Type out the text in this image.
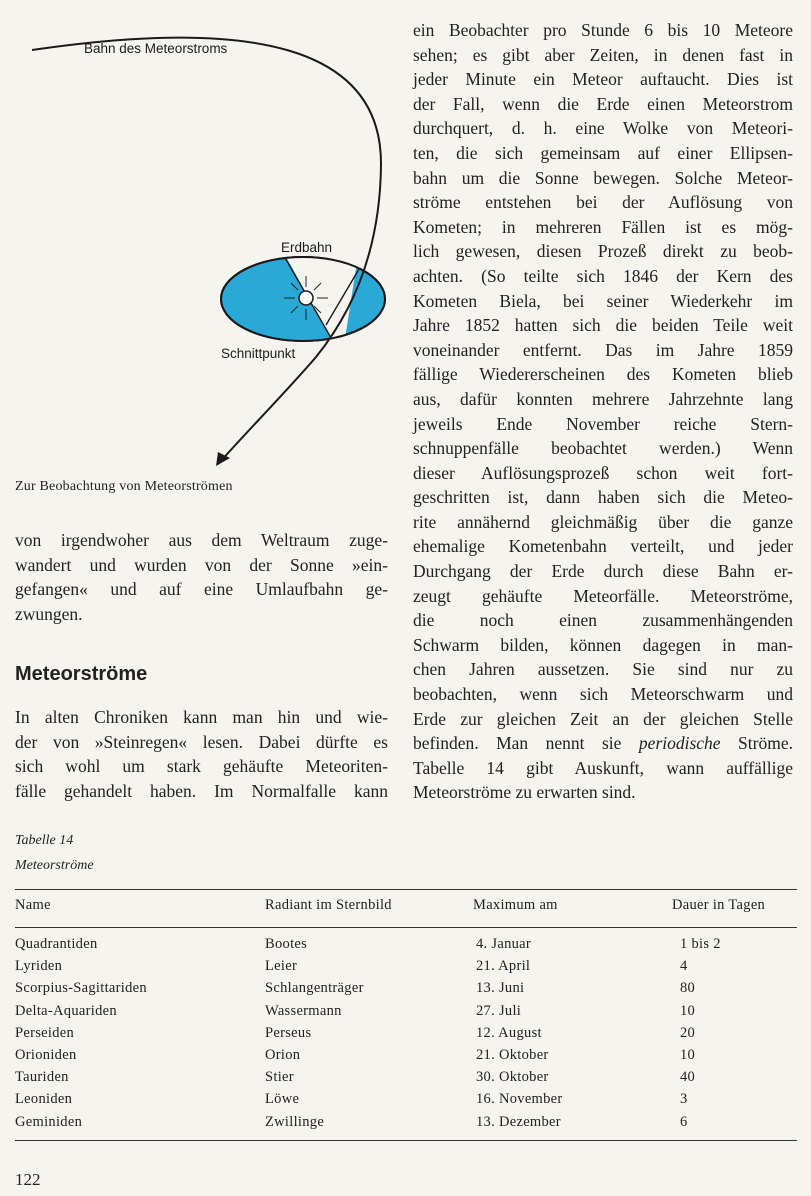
Bahn des Meteorstroms
Erdbahn
Schnittpunkt
Zur Beobachtung von Meteorströmen
von irgendwoher aus dem Weltraum zuge-
wandert und wurden von der Sonne »ein-
gefangen« und auf eine Umlaufbahn ge-
zwungen.
Meteorströme
In alten Chroniken kann man hin und wie-
der von »Steinregen« lesen. Dabei dürfte es
sich wohl um stark gehäufte Meteoriten-
fälle gehandelt haben. Im Normalfalle kann
ein Beobachter pro Stunde 6 bis 10 Meteore
sehen; es gibt aber Zeiten, in denen fast in
jeder Minute ein Meteor auftaucht. Dies ist
der Fall, wenn die Erde einen Meteorstrom
durchquert, d. h. eine Wolke von Meteori-
ten, die sich gemeinsam auf einer Ellipsen-
bahn um die Sonne bewegen. Solche Meteor-
ströme entstehen bei der Auflösung von
Kometen; in mehreren Fällen ist es mög-
lich gewesen, diesen Prozeß direkt zu beob-
achten. (So teilte sich 1846 der Kern des
Kometen Biela, bei seiner Wiederkehr im
Jahre 1852 hatten sich die beiden Teile weit
voneinander entfernt. Das im Jahre 1859
fällige Wiedererscheinen des Kometen blieb
aus, dafür konnten mehrere Jahrzehnte lang
jeweils Ende November reiche Stern-
schnuppenfälle beobachtet werden.) Wenn
dieser Auflösungsprozeß schon weit fort-
geschritten ist, dann haben sich die Meteo-
rite annähernd gleichmäßig über die ganze
ehemalige Kometenbahn verteilt, und jeder
Durchgang der Erde durch diese Bahn er-
zeugt gehäufte Meteorfälle. Meteorströme,
die noch einen zusammenhängenden
Schwarm bilden, können dagegen in man-
chen Jahren aussetzen. Sie sind nur zu
beobachten, wenn sich Meteorschwarm und
Erde zur gleichen Zeit an der gleichen Stelle
befinden. Man nennt sie periodische Ströme.
Tabelle 14 gibt Auskunft, wann auffällige
Meteorströme zu erwarten sind.
Tabelle 14
Meteorströme
Name	Radiant im Sternbild	Maximum am	Dauer in Tagen
Quadrantiden	Bootes	4. Januar	1 bis 2
Lyriden	Leier	21. April	4
Scorpius-Sagittariden	Schlangenträger	13. Juni	80
Delta-Aquariden	Wassermann	27. Juli	10
Perseiden	Perseus	12. August	20
Orioniden	Orion	21. Oktober	10
Tauriden	Stier	30. Oktober	40
Leoniden	Löwe	16. November	3
Geminiden	Zwillinge	13. Dezember	6
122
